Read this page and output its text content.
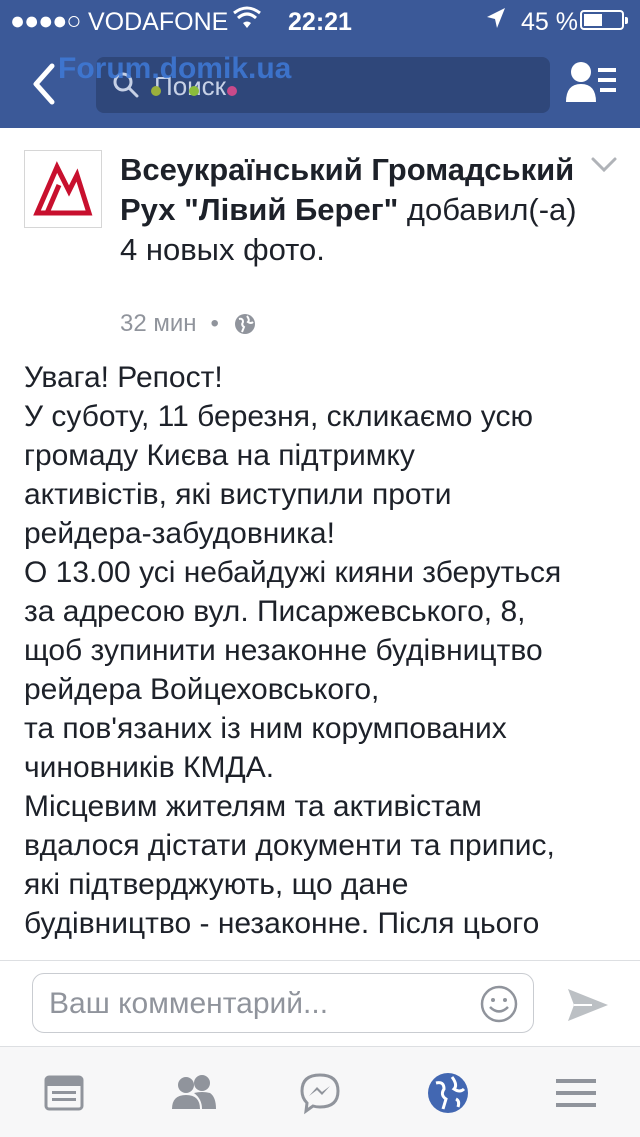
●●●●○ VODAFONE	22:21	45 %
Поиск
Forum.domik.ua
Всеукраїнський Громадський Рух "Лівий Берег" добавил(-а) 4 новых фото.
32 мин •
Увага! Репост!
У суботу, 11 березня, скликаємо усю
громаду Києва на підтримку
активістів, які виступили проти
рейдера-забудовника!
О 13.00 усі небайдужі кияни зберуться
за адресою вул. Писаржевського, 8,
щоб зупинити незаконне будівництво
рейдера Войцеховського,
та пов'язаних із ним корумпованих
чиновників КМДА.
Місцевим жителям та активістам
вдалося дістати документи та припис,
які підтверджують, що дане
будівництво - незаконне. Після цього
Ваш комментарий...
